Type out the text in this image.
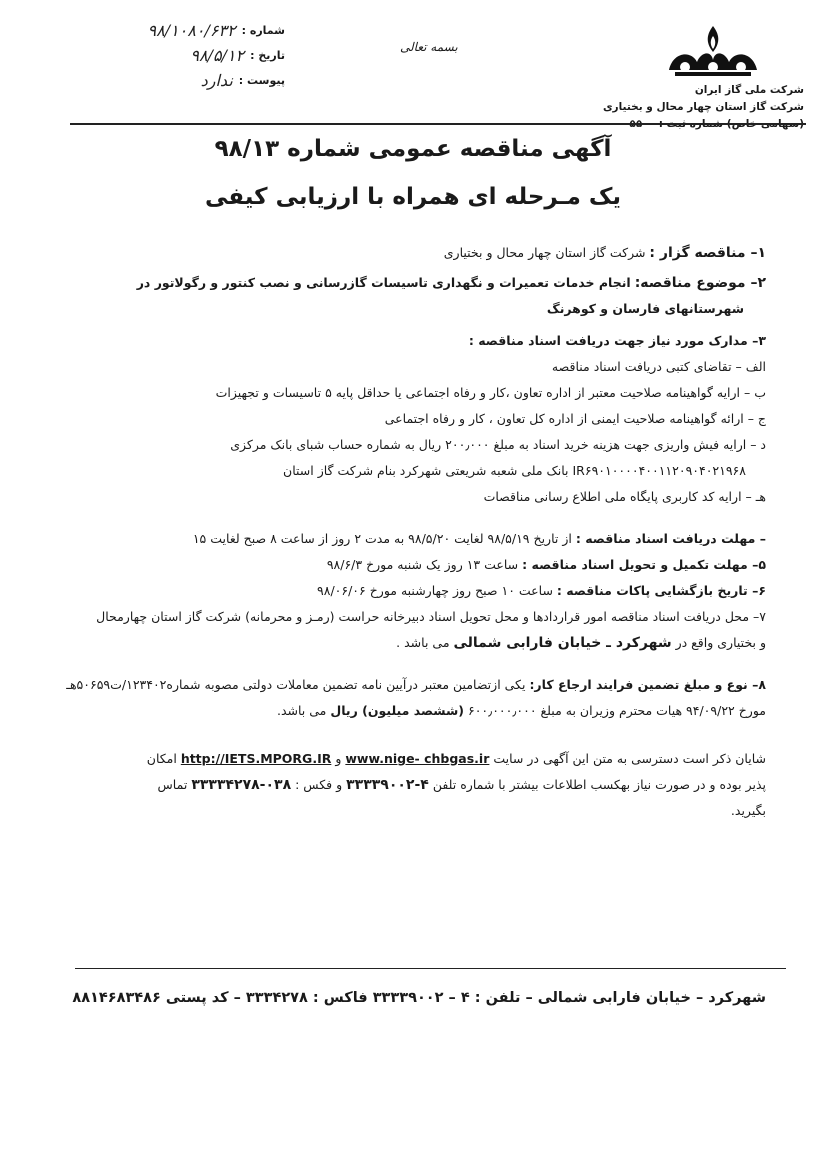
شماره :
۹۸/۱۰۸۰/۶۳۲
تاریخ :
۹۸/۵/۱۲
پیوست :
ندارد
بسمه تعالی
شرکت ملی گاز ایران
شرکت گاز استان چهار محال و بختیاری
(سهامی خاص) شماره ثبت : ۵۵۰۰
آگهی مناقصه عمومی شماره ۹۸/۱۳
یک مـرحله ای همراه با ارزیابی کیفی
۱– مناقصه گزار : شرکت گاز استان چهار محال و بختیاری
۲– موضوع مناقصه: انجام خدمات تعمیرات و نگهداری تاسیسات گازرسانی و نصب کنتور و رگولاتور در
شهرستانهای فارسان و کوهرنگ
۳– مدارک مورد نیاز جهت دریافت اسناد مناقصه :
الف – تقاضای کتبی دریافت اسناد مناقصه
ب – ارایه گواهینامه صلاحیت معتبر از اداره تعاون ،کار و رفاه اجتماعی یا حداقل پایه ۵ تاسیسات و تجهیزات
ج – ارائه گواهینامه صلاحیت ایمنی از اداره کل تعاون ، کار و رفاه اجتماعی
د – ارایه فیش واریزی جهت هزینه خرید اسناد به مبلغ ۲۰۰٫۰۰۰ ریال به شماره حساب شبای بانک مرکزی
IR۶۹۰۱۰۰۰۰۴۰۰۱۱۲۰۹۰۴۰۲۱۹۶۸ بانک ملی شعبه شریعتی شهرکرد بنام شرکت گاز استان
هـ – ارایه کد کاربری پایگاه ملی اطلاع رسانی مناقصات
– مهلت دریافت اسناد مناقصه : از تاریخ ۹۸/۵/۱۹ لغایت ۹۸/۵/۲۰ به مدت ۲ روز از ساعت ۸ صبح لغایت ۱۵
۵– مهلت تکمیل و تحویل اسناد مناقصه : ساعت ۱۳ روز یک شنبه مورخ ۹۸/۶/۳
۶– تاریخ بازگشایی پاکات مناقصه : ساعت ۱۰ صبح روز چهارشنبه مورخ ۹۸/۰۶/۰۶
۷– محل دریافت اسناد مناقصه امور قراردادها و محل تحویل اسناد دبیرخانه حراست (رمـز و محرمانه) شرکت گاز استان چهارمحال
و بختیاری واقع در شهرکرد ـ خیابان فارابی شمالی می باشد .
۸– نوع و مبلغ تضمین فرایند ارجاع کار: یکی ازتضامین معتبر درآیین نامه تضمین معاملات دولتی مصوبه شماره۱۲۳۴۰۲/ت۵۰۶۵۹هـ
مورخ ۹۴/۰۹/۲۲ هیات محترم وزیران به مبلغ ۶۰۰٫۰۰۰٫۰۰۰ (ششصد میلیون) ریال می باشد.
شایان ذکر است دسترسی به متن این آگهی در سایت www.nige- chbgas.ir و http://IETS.MPORG.IR امکان
پذیر بوده و در صورت نیاز بهکسب اطلاعات بیشتر با شماره تلفن ۴-۳۳۳۳۹۰۰۲ و فکس : ۰۳۸-۳۳۳۳۴۲۷۸ تماس
بگیرید.
شهرکرد – خیابان فارابی شمالی – تلفن : ۴ – ۳۳۳۳۹۰۰۲ فاکس : ۳۳۳۴۲۷۸ – کد پستی ۸۸۱۴۶۸۳۴۸۶
